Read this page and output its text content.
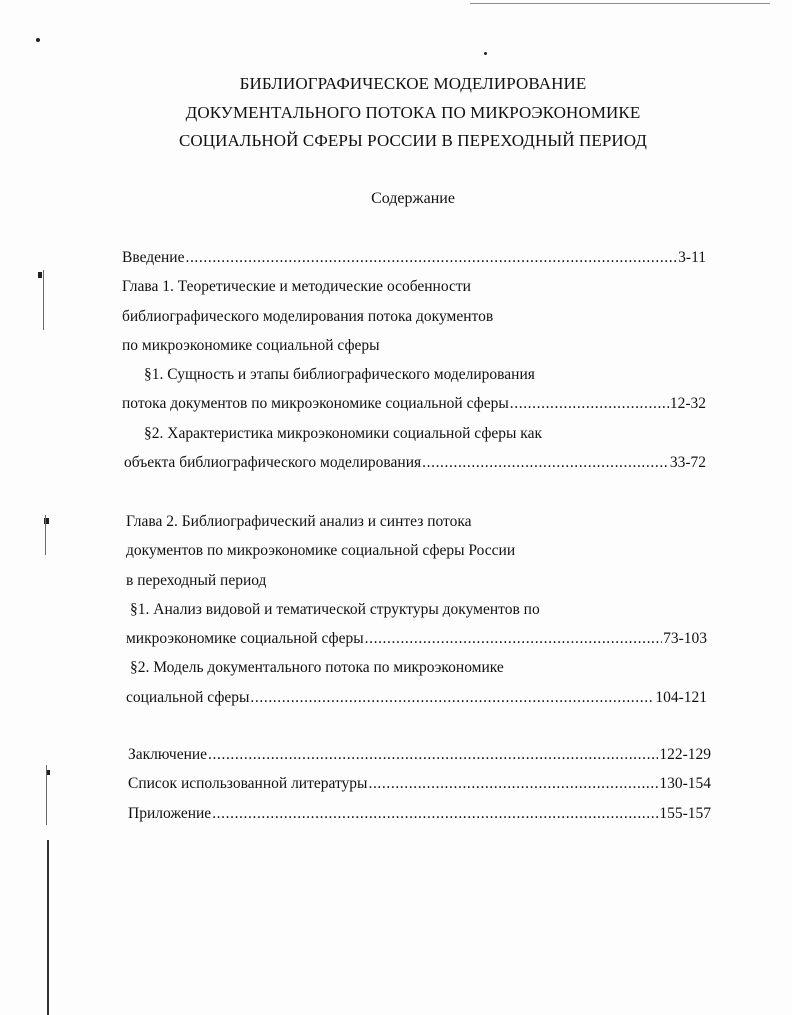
БИБЛИОГРАФИЧЕСКОЕ МОДЕЛИРОВАНИЕ
ДОКУМЕНТАЛЬНОГО ПОТОКА ПО МИКРОЭКОНОМИКЕ
СОЦИАЛЬНОЙ СФЕРЫ РОССИИ В ПЕРЕХОДНЫЙ ПЕРИОД
Содержание
Введение .....	3-11
Глава 1. Теоретические и методические особенности
библиографического моделирования потока документов
по микроэкономике социальной сферы
§1. Сущность и этапы библиографического моделирования
потока документов по микроэкономике социальной сферы .....	12-32
§2. Характеристика микроэкономики социальной сферы как
объекта библиографического моделирования .....	33-72
Глава 2. Библиографический анализ и синтез потока
документов по микроэкономике социальной сферы России
в переходный период
§1. Анализ видовой и тематической структуры документов по
микроэкономике социальной сферы .....	73-103
§2. Модель документального потока по микроэкономике
социальной сферы .....	104-121
Заключение .....	122-129
Список использованной литературы .....	130-154
Приложение .....	155-157
